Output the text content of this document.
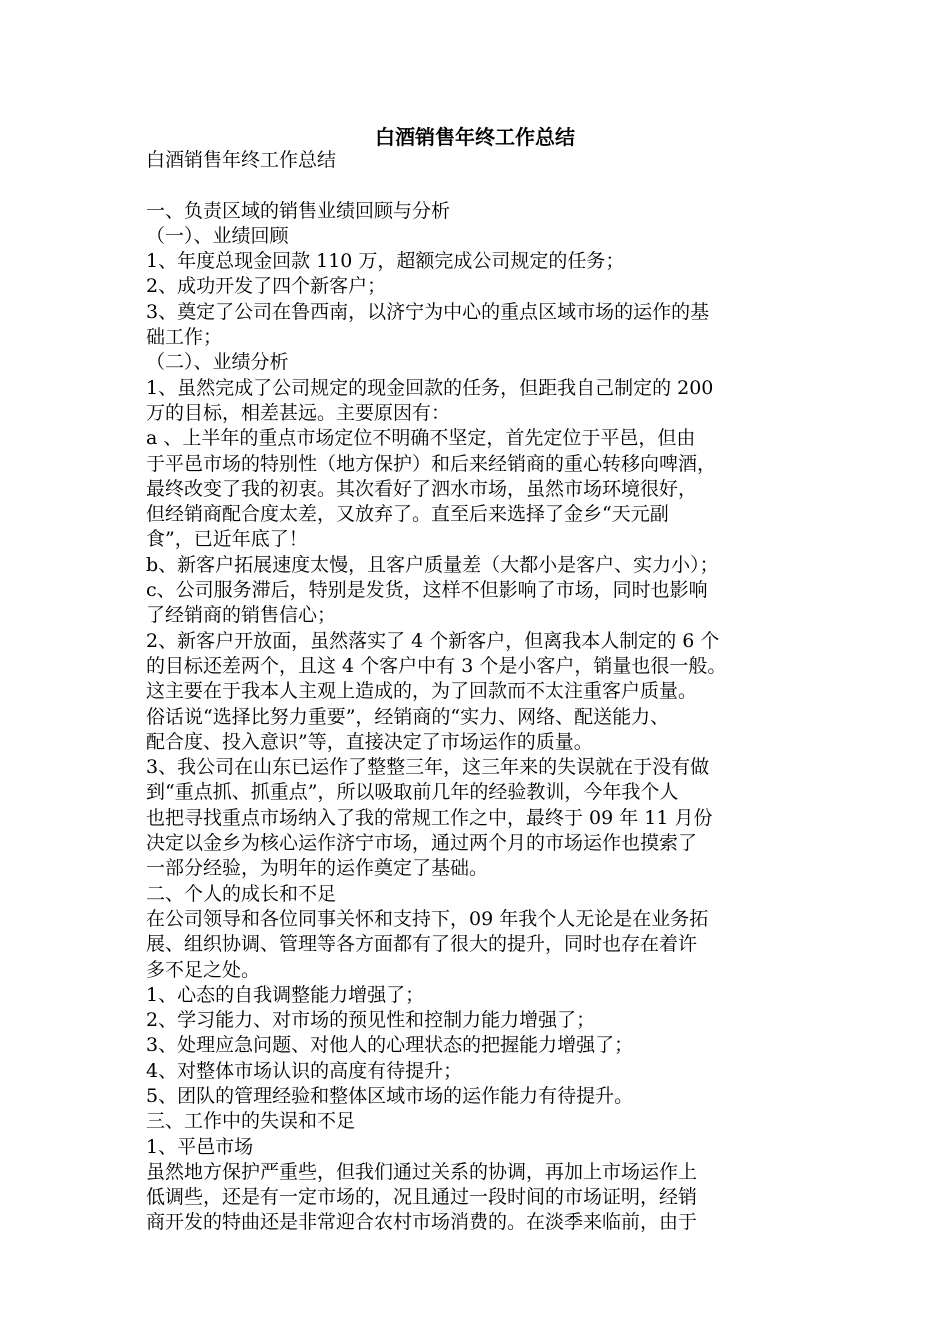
白酒销售年终工作总结
白酒销售年终工作总结
一、负责区域的销售业绩回顾与分析
（一）、业绩回顾
1、年度总现金回款 110 万，超额完成公司规定的任务；
2、成功开发了四个新客户；
3、奠定了公司在鲁西南，以济宁为中心的重点区域市场的运作的基
础工作；
（二）、业绩分析
1、虽然完成了公司规定的现金回款的任务，但距我自己制定的 200
万的目标，相差甚远。主要原因有：
a 、上半年的重点市场定位不明确不坚定，首先定位于平邑，但由
于平邑市场的特别性（地方保护）和后来经销商的重心转移向啤酒，
最终改变了我的初衷。其次看好了泗水市场，虽然市场环境很好，
但经销商配合度太差，又放弃了。直至后来选择了金乡“天元副
食”，已近年底了！
b、新客户拓展速度太慢，且客户质量差（大都小是客户、实力小）；
c、公司服务滞后，特别是发货，这样不但影响了市场，同时也影响
了经销商的销售信心；
2、新客户开放面，虽然落实了 4 个新客户，但离我本人制定的 6 个
的目标还差两个，且这 4 个客户中有 3 个是小客户，销量也很一般。
这主要在于我本人主观上造成的，为了回款而不太注重客户质量。
俗话说“选择比努力重要”，经销商的“实力、网络、配送能力、
配合度、投入意识”等，直接决定了市场运作的质量。
3、我公司在山东已运作了整整三年，这三年来的失误就在于没有做
到“重点抓、抓重点”，所以吸取前几年的经验教训，今年我个人
也把寻找重点市场纳入了我的常规工作之中，最终于 09 年 11 月份
决定以金乡为核心运作济宁市场，通过两个月的市场运作也摸索了
一部分经验，为明年的运作奠定了基础。
二、个人的成长和不足
在公司领导和各位同事关怀和支持下，09 年我个人无论是在业务拓
展、组织协调、管理等各方面都有了很大的提升，同时也存在着许
多不足之处。
1、心态的自我调整能力增强了；
2、学习能力、对市场的预见性和控制力能力增强了；
3、处理应急问题、对他人的心理状态的把握能力增强了；
4、对整体市场认识的高度有待提升；
5、团队的管理经验和整体区域市场的运作能力有待提升。
三、工作中的失误和不足
1、平邑市场
虽然地方保护严重些，但我们通过关系的协调，再加上市场运作上
低调些，还是有一定市场的，况且通过一段时间的市场证明，经销
商开发的特曲还是非常迎合农村市场消费的。在淡季来临前，由于
